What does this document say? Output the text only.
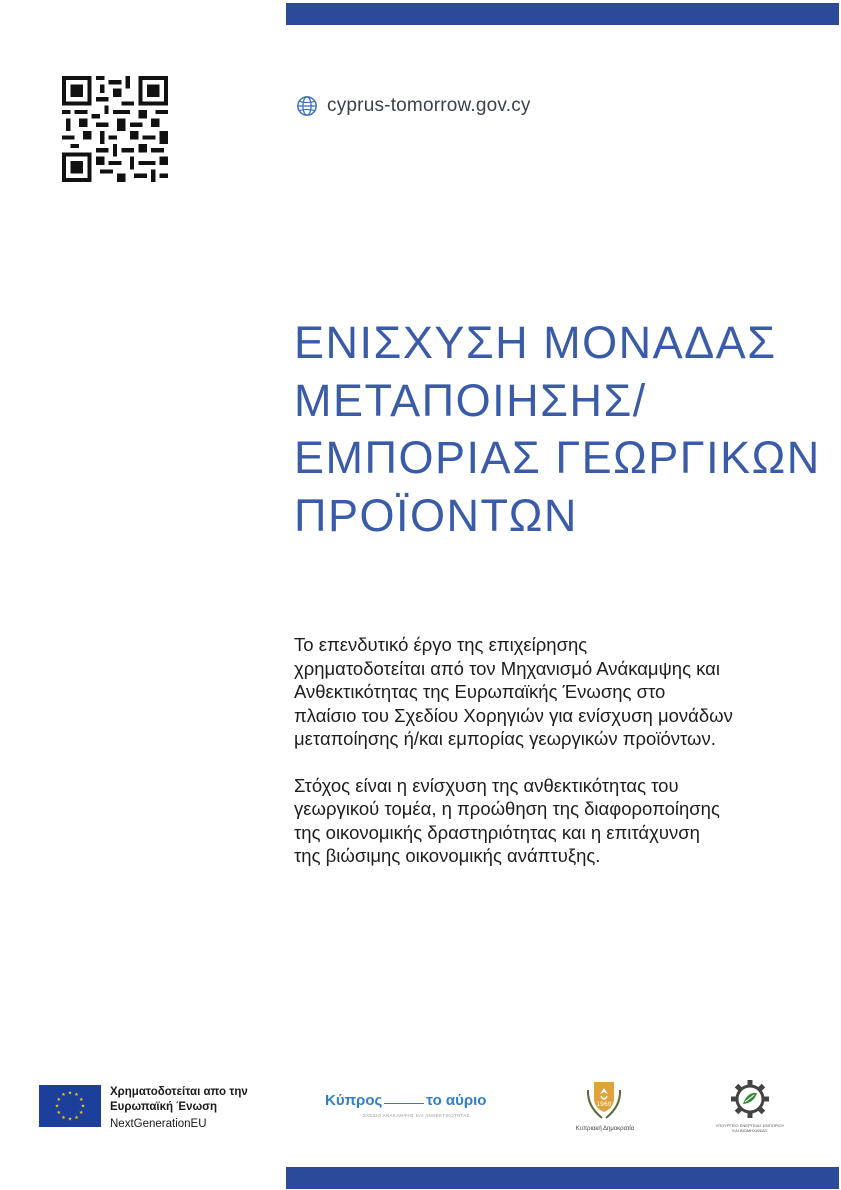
cyprus-tomorrow.gov.cy
ΕΝΙΣΧΥΣΗ ΜΟΝΑΔΑΣ
ΜΕΤΑΠΟΙΗΣΗΣ/
ΕΜΠΟΡΙΑΣ ΓΕΩΡΓΙΚΩΝ
ΠΡΟΪΟΝΤΩΝ
Το επενδυτικό έργο της επιχείρησης
χρηματοδοτείται από τον Μηχανισμό Ανάκαμψης και
Ανθεκτικότητας της Ευρωπαϊκής Ένωσης στο
πλαίσιο του Σχεδίου Χορηγιών για ενίσχυση μονάδων
μεταποίησης ή/και εμπορίας γεωργικών προϊόντων.
Στόχος είναι η ενίσχυση της ανθεκτικότητας του
γεωργικού τομέα, η προώθηση της διαφοροποίησης
της οικονομικής δραστηριότητας και η επιτάχυνση
της βιώσιμης οικονομικής ανάπτυξης.
★ ★
★
★
★
★
★
★
★
★
★
★	Χρηματοδοτείται απο την
Ευρωπαϊκή Ένωση
NextGenerationEU
Κύπρος	το αύριο
ΣΧΕΔΙΟ ΑΝΑΚΑΜΨΗΣ ΚΑΙ ΑΝΘΕΚΤΙΚΟΤΗΤΑΣ
1960
Κυπριακή Δημοκρατία
ΥΠΟΥΡΓΕΙΟ ΕΝΕΡΓΕΙΑΣ ΕΜΠΟΡΙΟΥ ΚΑΙ ΒΙΟΜΗΧΑΝΙΑΣ
